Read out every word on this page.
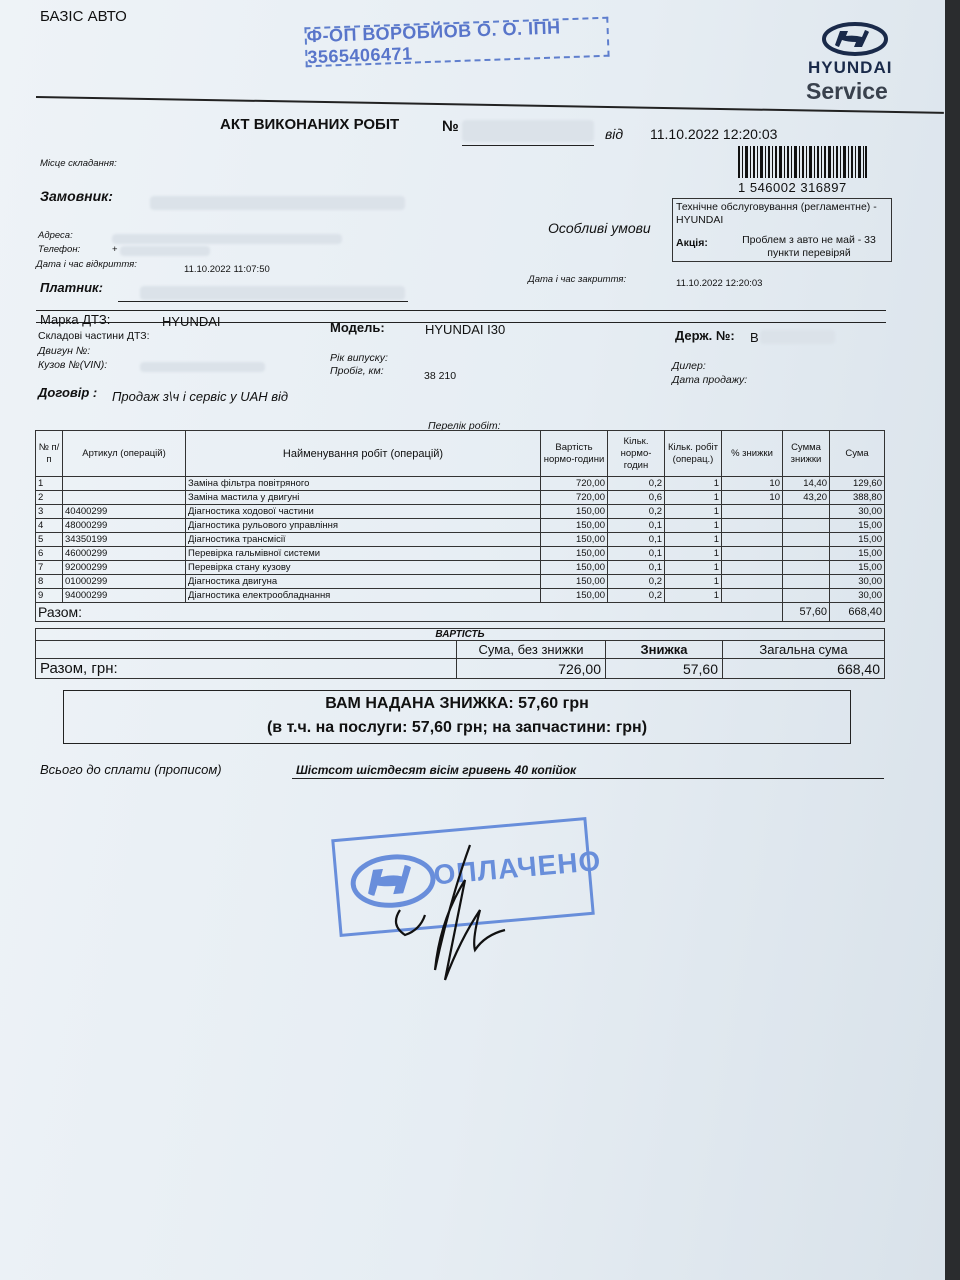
БАЗІС АВТО
Ф-ОП ВОРОБЙОВ О. О. ІПН 3565406471
HYUNDAI
Service
АКТ ВИКОНАНИХ РОБІТ	№	від 11.10.2022 12:20:03
1 546002 316897
Місце складання:
Замовник:
Адреса:
Телефон:	+
Дата і час відкриття:	11.10.2022 11:07:50
Платник:
Особливі умови
Технічне обслуговування (регламентне) - HYUNDAI
Акція:	Проблем з авто не май - 33 пункти перевіряй
Дата і час закриття:	11.10.2022 12:20:03
Марка ДТЗ:	HYUNDAI	Модель:	HYUNDAI I30	Держ. №: B
Складові частини ДТЗ:
Двигун №:
Кузов №(VIN):
Рік випуску:
Пробіг, км:	38 210
Дилер:
Дата продажу:
Договір : Продаж з\ч і сервіс у UAH від
Перелік робіт:
№ п/п	Артикул (операцій)	Найменування робіт (операцій)	Вартість нормо-години	Кільк. нормо-годин	Кільк. робіт (операц.)	% знижки	Сумма знижки	Сума
1		Заміна фільтра повітряного	720,00	0,2	1	10	14,40	129,60
2		Заміна мастила у двигуні	720,00	0,6	1	10	43,20	388,80
3	40400299	Діагностика ходової частини	150,00	0,2	1			30,00
4	48000299	Діагностика рульового управління	150,00	0,1	1			15,00
5	34350199	Діагностика трансмісії	150,00	0,1	1			15,00
6	46000299	Перевірка гальмівної системи	150,00	0,1	1			15,00
7	92000299	Перевірка стану кузову	150,00	0,1	1			15,00
8	01000299	Діагностика двигуна	150,00	0,2	1			30,00
9	94000299	Діагностика електрообладнання	150,00	0,2	1			30,00
Разом:							57,60	668,40
ВАРТІСТЬ			
	Сума, без знижки	Знижка	Загальна сума
Разом, грн:	726,00	57,60	668,40
ВАМ НАДАНА ЗНИЖКА: 57,60 грн
(в т.ч. на послуги: 57,60 грн; на запчастини: грн)
Всього до сплати (прописом)	Шістсот шістдесят вісім гривень 40 копійок
ОПЛАЧЕНО
